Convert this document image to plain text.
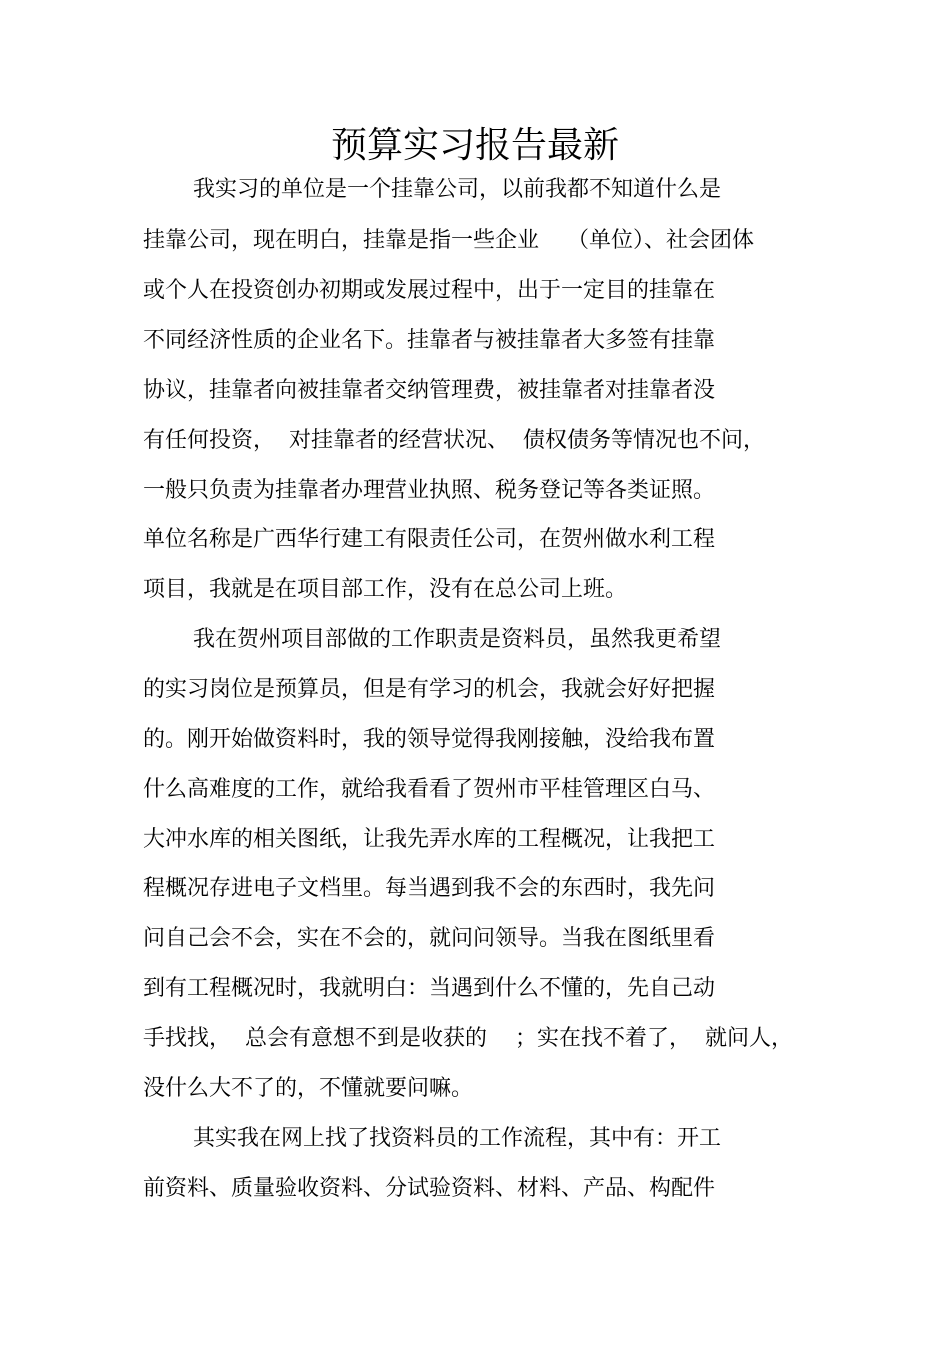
预算实习报告最新
我实习的单位是一个挂靠公司，以前我都不知道什么是
挂靠公司，现在明白，挂靠是指一些企业    （单位）、社会团体
或个人在投资创办初期或发展过程中，出于一定目的挂靠在
不同经济性质的企业名下。挂靠者与被挂靠者大多签有挂靠
协议，挂靠者向被挂靠者交纳管理费，被挂靠者对挂靠者没
有任何投资，  对挂靠者的经营状况、  债权债务等情况也不问，
一般只负责为挂靠者办理营业执照、税务登记等各类证照。
单位名称是广西华行建工有限责任公司，在贺州做水利工程
项目，我就是在项目部工作，没有在总公司上班。
我在贺州项目部做的工作职责是资料员，虽然我更希望
的实习岗位是预算员，但是有学习的机会，我就会好好把握
的。刚开始做资料时，我的领导觉得我刚接触，没给我布置
什么高难度的工作，就给我看看了贺州市平桂管理区白马、
大冲水库的相关图纸，让我先弄水库的工程概况，让我把工
程概况存进电子文档里。每当遇到我不会的东西时，我先问
问自己会不会，实在不会的，就问问领导。当我在图纸里看
到有工程概况时，我就明白：当遇到什么不懂的，先自己动
手找找，  总会有意想不到是收获的    ；实在找不着了，  就问人，
没什么大不了的，不懂就要问嘛。
其实我在网上找了找资料员的工作流程，其中有：开工
前资料、质量验收资料、分试验资料、材料、产品、构配件
